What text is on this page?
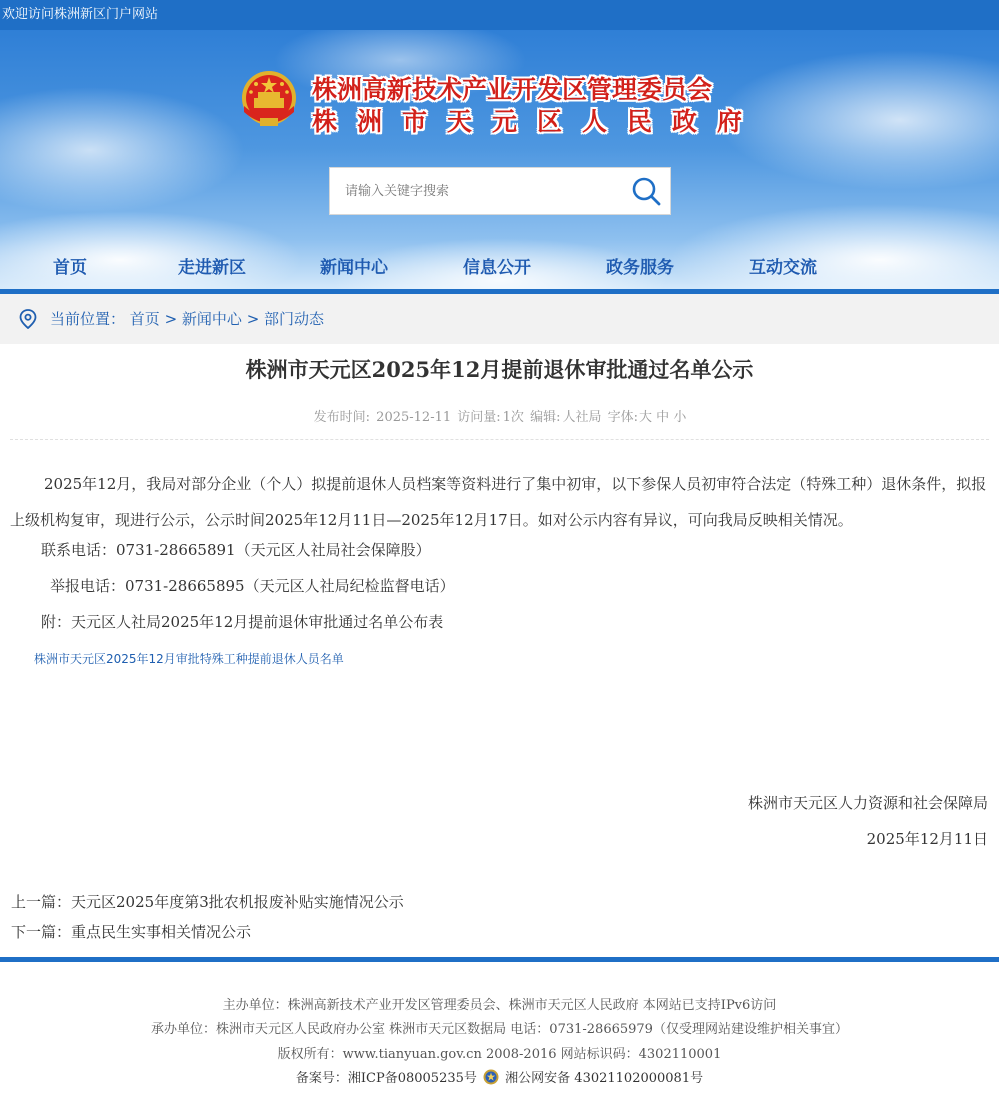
欢迎访问株洲新区门户网站
株洲高新技术产业开发区管理委员会
株洲市天元区人民政府
请输入关键字搜索
首页	走进新区	新闻中心	信息公开	政务服务	互动交流
当前位置： 首页 > 新闻中心 > 部门动态
株洲市天元区2025年12月提前退休审批通过名单公示
发布时间: 2025-12-11 访问量: 1次 编辑: 人社局 字体:大 中 小

2025年12月，我局对部分企业（个人）拟提前退休人员档案等资料进行了集中初审，以下参保人员初审符合法定（特殊工种）退休条件，拟报上级机构复审，现进行公示，公示时间2025年12月11日—2025年12月17日。如对公示内容有异议，可向我局反映相关情况。

联系电话：0731-28665891（天元区人社局社会保障股）

举报电话：0731-28665895（天元区人社局纪检监督电话）

附：天元区人社局2025年12月提前退休审批通过名单公布表

株洲市天元区2025年12月审批特殊工种提前退休人员名单
株洲市天元区人力资源和社会保障局
2025年12月11日
上一篇：天元区2025年度第3批农机报废补贴实施情况公示
下一篇：重点民生实事相关情况公示
主办单位：株洲高新技术产业开发区管理委员会、株洲市天元区人民政府 本网站已支持IPv6访问
承办单位：株洲市天元区人民政府办公室 株洲市天元区数据局 电话：0731-28665979（仅受理网站建设维护相关事宜）
版权所有：www.tianyuan.gov.cn 2008-2016 网站标识码：4302110001
备案号：湘ICP备08005235号 湘公网安备 43021102000081号
